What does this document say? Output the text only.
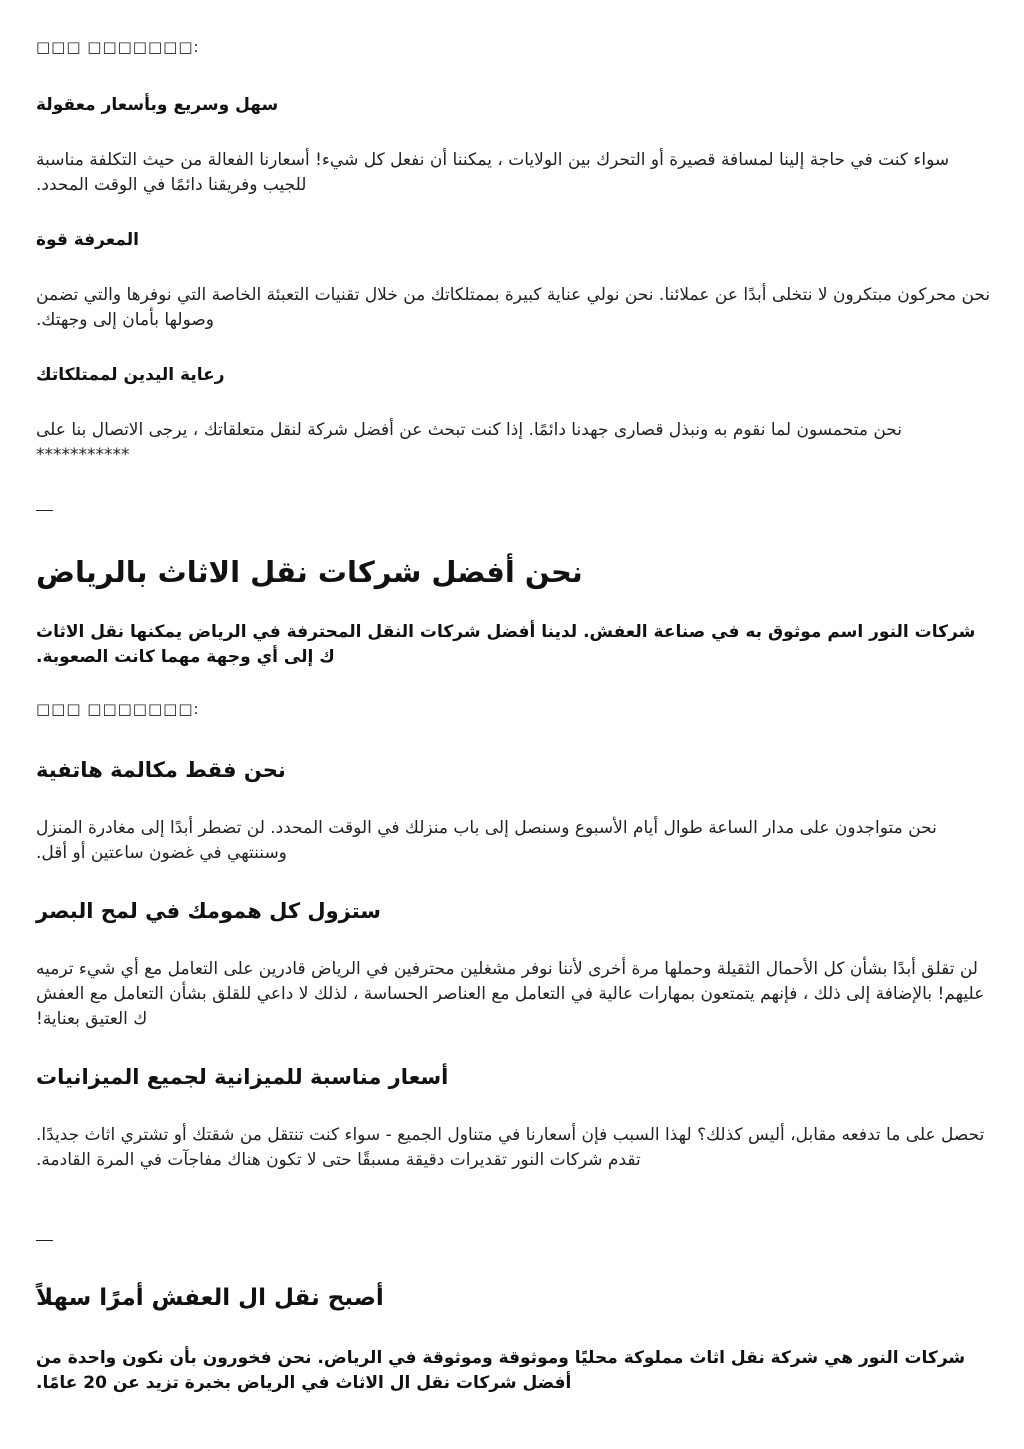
□□□ □□□□□□□:

سهل وسريع وبأسعار معقولة

سواء كنت في حاجة إلينا لمسافة قصيرة أو التحرك بين الولايات ، يمكننا أن نفعل كل شيء! أسعارنا الفعالة من حيث التكلفة مناسبة للجيب وفريقنا دائمًا في الوقت المحدد.

المعرفة قوة

نحن محركون مبتكرون لا نتخلى أبدًا عن عملائنا. نحن نولي عناية كبيرة بممتلكاتك من خلال تقنيات التعبئة الخاصة التي نوفرها والتي تضمن وصولها بأمان إلى وجهتك.

رعاية اليدين لممتلكاتك

نحن متحمسون لما نقوم به ونبذل قصارى جهدنا دائمًا. إذا كنت تبحث عن أفضل شركة لنقل متعلقاتك ، يرجى الاتصال بنا على ***********

نحن أفضل شركات نقل الاثاث بالرياض

شركات النور اسم موثوق به في صناعة العفش. لدينا أفضل شركات النقل المحترفة في الرياض يمكنها نقل الاثاث ك إلى أي وجهة مهما كانت الصعوبة.

□□□ □□□□□□□:

نحن فقط مكالمة هاتفية

نحن متواجدون على مدار الساعة طوال أيام الأسبوع وسنصل إلى باب منزلك في الوقت المحدد. لن تضطر أبدًا إلى مغادرة المنزل وسننتهي في غضون ساعتين أو أقل.

ستزول كل همومك في لمح البصر

لن تقلق أبدًا بشأن كل الأحمال الثقيلة وحملها مرة أخرى لأننا نوفر مشغلين محترفين في الرياض قادرين على التعامل مع أي شيء ترميه عليهم! بالإضافة إلى ذلك ، فإنهم يتمتعون بمهارات عالية في التعامل مع العناصر الحساسة ، لذلك لا داعي للقلق بشأن التعامل مع العفش ك العتيق بعناية!

أسعار مناسبة للميزانية لجميع الميزانيات

تحصل على ما تدفعه مقابل، أليس كذلك؟ لهذا السبب فإن أسعارنا في متناول الجميع - سواء كنت تنتقل من شقتك أو تشتري اثاث جديدًا. تقدم شركات النور تقديرات دقيقة مسبقًا حتى لا تكون هناك مفاجآت في المرة القادمة.

أصبح نقل ال العفش أمرًا سهلاً

شركات النور هي شركة نقل اثاث مملوكة محليًا وموثوقة وموثوقة في الرياض. نحن فخورون بأن نكون واحدة من أفضل شركات نقل ال الاثاث في الرياض بخبرة تزيد عن 20 عامًا.
